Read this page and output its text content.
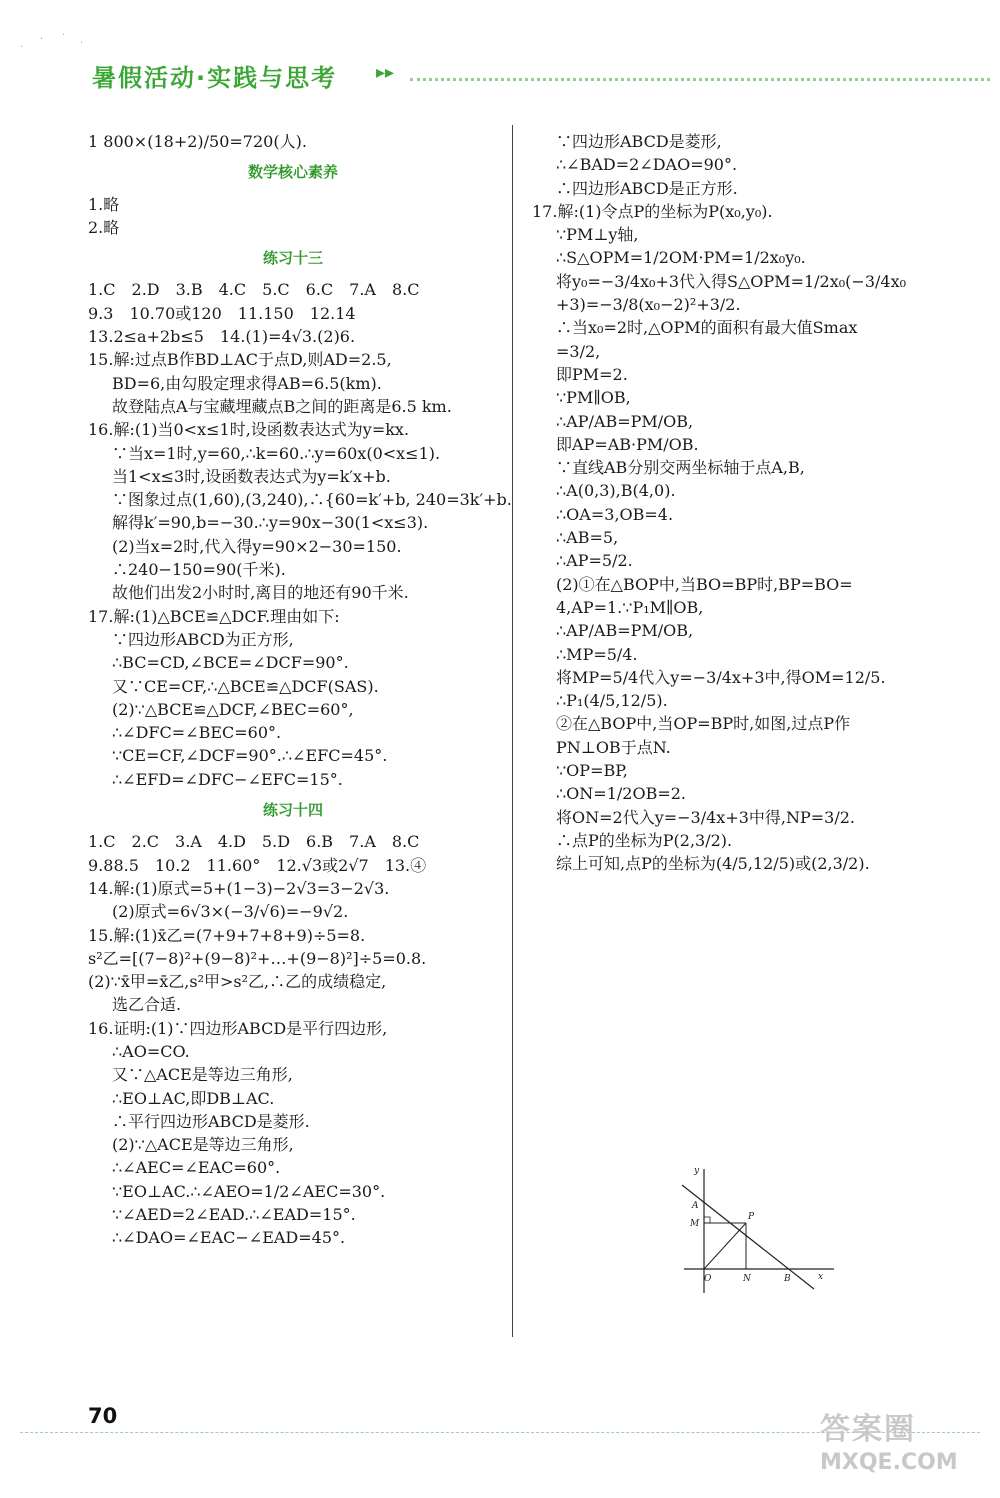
·
· ·
·
暑假活动·实践与思考 ▸▸
1 800×(18+2)/50=720(人).
数学核心素养
1.略
2.略
练习十三
1.C　2.D　3.B　4.C　5.C　6.C　7.A　8.C
9.3　10.70或120　11.150　12.14
13.2≤a+2b≤5　14.(1)=4√3.(2)6.
15.解:过点B作BD⊥AC于点D,则AD=2.5,
BD=6,由勾股定理求得AB=6.5(km).
故登陆点A与宝藏埋藏点B之间的距离是6.5 km.
16.解:(1)当0<x≤1时,设函数表达式为y=kx.
∵当x=1时,y=60,∴k=60.∴y=60x(0<x≤1).
当1<x≤3时,设函数表达式为y=k′x+b.
∵图象过点(1,60),(3,240),∴{60=k′+b, 240=3k′+b.
解得k′=90,b=−30.∴y=90x−30(1<x≤3).
(2)当x=2时,代入得y=90×2−30=150.
∴240−150=90(千米).
故他们出发2小时时,离目的地还有90千米.
17.解:(1)△BCE≌△DCF.理由如下:
∵四边形ABCD为正方形,
∴BC=CD,∠BCE=∠DCF=90°.
又∵CE=CF,∴△BCE≌△DCF(SAS).
(2)∵△BCE≌△DCF,∠BEC=60°,
∴∠DFC=∠BEC=60°.
∵CE=CF,∠DCF=90°.∴∠EFC=45°.
∴∠EFD=∠DFC−∠EFC=15°.
练习十四
1.C　2.C　3.A　4.D　5.D　6.B　7.A　8.C
9.88.5　10.2　11.60°　12.√3或2√7　13.④
14.解:(1)原式=5+(1−3)−2√3=3−2√3.
(2)原式=6√3×(−3/√6)=−9√2.
15.解:(1)x̄乙=(7+9+7+8+9)÷5=8.
s²乙=[(7−8)²+(9−8)²+…+(9−8)²]÷5=0.8.
(2)∵x̄甲=x̄乙,s²甲>s²乙,∴乙的成绩稳定,
选乙合适.
16.证明:(1)∵四边形ABCD是平行四边形,
∴AO=CO.
又∵△ACE是等边三角形,
∴EO⊥AC,即DB⊥AC.
∴平行四边形ABCD是菱形.
(2)∵△ACE是等边三角形,
∴∠AEC=∠EAC=60°.
∵EO⊥AC.∴∠AEO=1/2∠AEC=30°.
∵∠AED=2∠EAD.∴∠EAD=15°.
∴∠DAO=∠EAC−∠EAD=45°.
∵四边形ABCD是菱形,
∴∠BAD=2∠DAO=90°.
∴四边形ABCD是正方形.
17.解:(1)令点P的坐标为P(x₀,y₀).
∵PM⊥y轴,
∴S△OPM=1/2OM·PM=1/2x₀y₀.
将y₀=−3/4x₀+3代入得S△OPM=1/2x₀(−3/4x₀
+3)=−3/8(x₀−2)²+3/2.
∴当x₀=2时,△OPM的面积有最大值Smax
=3/2,
即PM=2.
∵PM∥OB,
∴AP/AB=PM/OB,
即AP=AB·PM/OB.
∵直线AB分别交两坐标轴于点A,B,
∴A(0,3),B(4,0).
∴OA=3,OB=4.
∴AB=5,
∴AP=5/2.
(2)①在△BOP中,当BO=BP时,BP=BO=
4,AP=1.∵P₁M∥OB,
∴AP/AB=PM/OB,
∴MP=5/4.
将MP=5/4代入y=−3/4x+3中,得OM=12/5.
∴P₁(4/5,12/5).
②在△BOP中,当OP=BP时,如图,过点P作
PN⊥OB于点N.
∵OP=BP,
∴ON=1/2OB=2.
将ON=2代入y=−3/4x+3中得,NP=3/2.
∴点P的坐标为P(2,3/2).
综上可知,点P的坐标为(4/5,12/5)或(2,3/2).
y
A
M
P
O	N	B	x
70	答案圈
MXQE.COM
